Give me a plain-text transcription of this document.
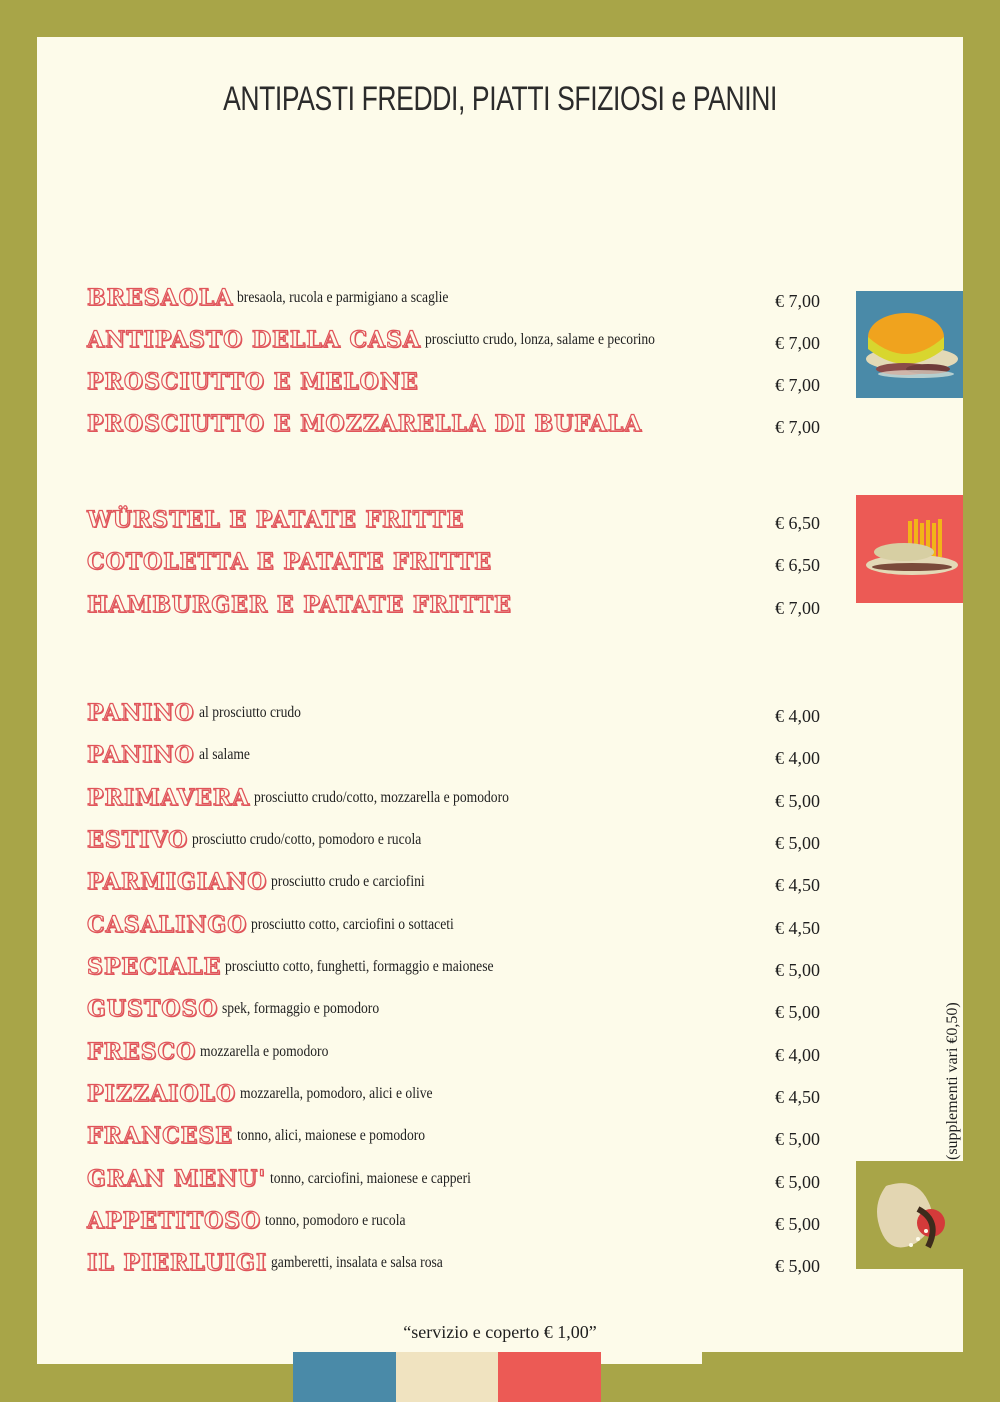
ANTIPASTI FREDDI, PIATTI SFIZIOSI e PANINI
BRESAOLA bresaola, rucola e parmigiano a scaglie	€ 7,00
ANTIPASTO DELLA CASA prosciutto crudo, lonza, salame e pecorino	€ 7,00
PROSCIUTTO E MELONE	€ 7,00
PROSCIUTTO E MOZZARELLA DI BUFALA	€ 7,00
WÜRSTEL E PATATE FRITTE	€ 6,50
COTOLETTA E PATATE FRITTE	€ 6,50
HAMBURGER E PATATE FRITTE	€ 7,00
PANINO al prosciutto crudo	€ 4,00
PANINO al salame	€ 4,00
PRIMAVERA prosciutto crudo/cotto, mozzarella e pomodoro	€ 5,00
ESTIVO prosciutto crudo/cotto, pomodoro e rucola	€ 5,00
PARMIGIANO prosciutto crudo e carciofini	€ 4,50
CASALINGO prosciutto cotto, carciofini o sottaceti	€ 4,50
SPECIALE prosciutto cotto, funghetti, formaggio e maionese	€ 5,00
GUSTOSO spek, formaggio e pomodoro	€ 5,00
FRESCO mozzarella e pomodoro	€ 4,00
PIZZAIOLO mozzarella, pomodoro, alici e olive	€ 4,50
FRANCESE tonno, alici, maionese e pomodoro	€ 5,00
GRAN MENU' tonno, carciofini, maionese e capperi	€ 5,00
APPETITOSO tonno, pomodoro e rucola	€ 5,00
IL PIERLUIGI gamberetti, insalata e salsa rosa	€ 5,00
(supplementi vari €0,50)
“servizio e coperto € 1,00”
